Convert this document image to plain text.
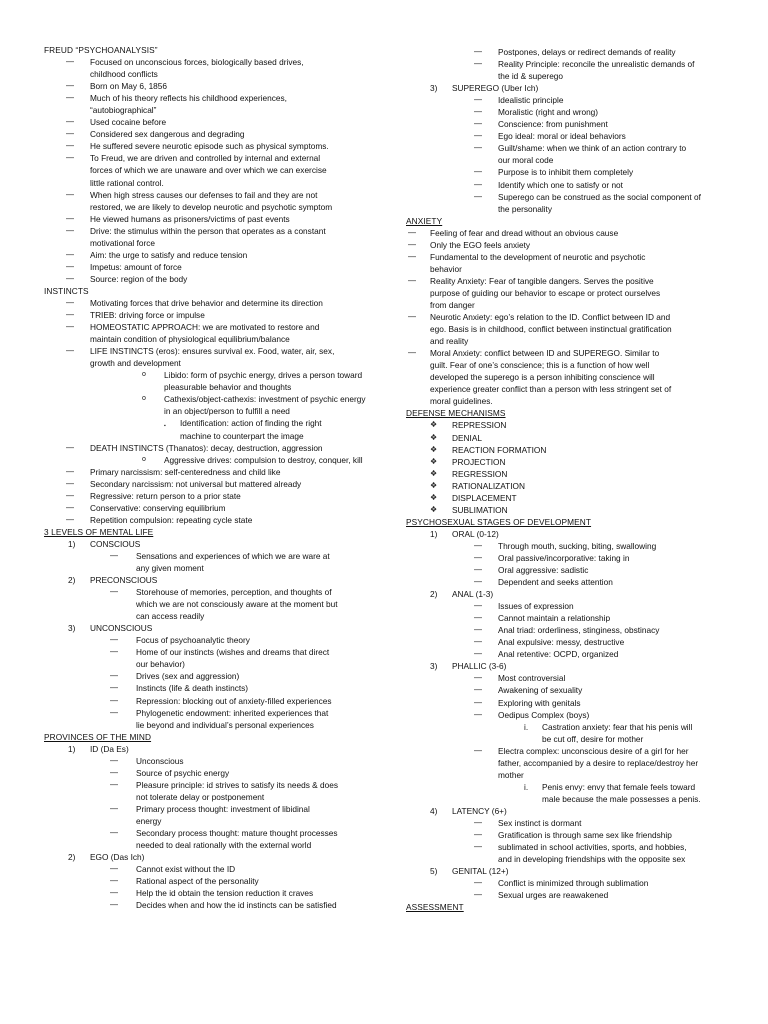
FREUD “PSYCHOANALYSIS”
— Focused on unconscious forces, biologically based drives,
childhood conflicts
— Born on May 6, 1856
— Much of his theory reflects his childhood experiences,
“autobiographical”
— Used cocaine before
— Considered sex dangerous and degrading
— He suffered severe neurotic episode such as physical symptoms.
— To Freud, we are driven and controlled by internal and external
forces of which we are unaware and over which we can exercise
little rational control.
— When high stress causes our defenses to fail and they are not
restored, we are likely to develop neurotic and psychotic symptom
— He viewed humans as prisoners/victims of past events
— Drive: the stimulus within the person that operates as a constant
motivational force
— Aim: the urge to satisfy and reduce tension
— Impetus: amount of force
— Source: region of the body
INSTINCTS
— Motivating forces that drive behavior and determine its direction
— TRIEB: driving force or impulse
— HOMEOSTATIC APPROACH: we are motivated to restore and
maintain condition of physiological equilibrium/balance
— LIFE INSTINCTS (eros): ensures survival ex. Food, water, air, sex,
growth and development
o Libido: form of psychic energy, drives a person toward
pleasurable behavior and thoughts
o Cathexis/object-cathexis: investment of psychic energy
in an object/person to fulfill a need
▪ Identification: action of finding the right
machine to counterpart the image
— DEATH INSTINCTS (Thanatos): decay, destruction, aggression
o Aggressive drives: compulsion to destroy, conquer, kill
— Primary narcissism: self-centeredness and child like
— Secondary narcissism: not universal but mattered already
— Regressive: return person to a prior state
— Conservative: conserving equilibrium
— Repetition compulsion: repeating cycle state
3 LEVELS OF MENTAL LIFE
1) CONSCIOUS
— Sensations and experiences of which we are ware at
any given moment
2) PRECONSCIOUS
— Storehouse of memories, perception, and thoughts of
which we are not consciously aware at the moment but
can access readily
3) UNCONSCIOUS
— Focus of psychoanalytic theory
— Home of our instincts (wishes and dreams that direct
our behavior)
— Drives (sex and aggression)
— Instincts (life & death instincts)
— Repression: blocking out of anxiety-filled experiences
— Phylogenetic endowment: inherited experiences that
lie beyond and individual’s personal experiences
PROVINCES OF THE MIND
1) ID (Da Es)
— Unconscious
— Source of psychic energy
— Pleasure principle: id strives to satisfy its needs & does
not tolerate delay or postponement
— Primary process thought: investment of libidinal
energy
— Secondary process thought: mature thought processes
needed to deal rationally with the external world
2) EGO (Das Ich)
— Cannot exist without the ID
— Rational aspect of the personality
— Help the id obtain the tension reduction it craves
— Decides when and how the id instincts can be satisfied
— Postpones, delays or redirect demands of reality
— Reality Principle: reconcile the unrealistic demands of
the id & superego
3) SUPEREGO (Uber Ich)
— Idealistic principle
— Moralistic (right and wrong)
— Conscience: from punishment
— Ego ideal: moral or ideal behaviors
— Guilt/shame: when we think of an action contrary to
our moral code
— Purpose is to inhibit them completely
— Identify which one to satisfy or not
— Superego can be construed as the social component of
the personality
ANXIETY
— Feeling of fear and dread without an obvious cause
— Only the EGO feels anxiety
— Fundamental to the development of neurotic and psychotic
behavior
— Reality Anxiety: Fear of tangible dangers. Serves the positive
purpose of guiding our behavior to escape or protect ourselves
from danger
— Neurotic Anxiety: ego’s relation to the ID. Conflict between ID and
ego. Basis is in childhood, conflict between instinctual gratification
and reality
— Moral Anxiety: conflict between ID and SUPEREGO. Similar to
guilt. Fear of one’s conscience; this is a function of how well
developed the superego is a person inhibiting conscience will
experience greater conflict than a person with less stringent set of
moral guidelines.
DEFENSE MECHANISMS
❖ REPRESSION
❖ DENIAL
❖ REACTION FORMATION
❖ PROJECTION
❖ REGRESSION
❖ RATIONALIZATION
❖ DISPLACEMENT
❖ SUBLIMATION
PSYCHOSEXUAL STAGES OF DEVELOPMENT
1) ORAL (0-12)
— Through mouth, sucking, biting, swallowing
— Oral passive/incorporative: taking in
— Oral aggressive: sadistic
— Dependent and seeks attention
2) ANAL (1-3)
— Issues of expression
— Cannot maintain a relationship
— Anal triad: orderliness, stinginess, obstinacy
— Anal expulsive: messy, destructive
— Anal retentive: OCPD, organized
3) PHALLIC (3-6)
— Most controversial
— Awakening of sexuality
— Exploring with genitals
— Oedipus Complex (boys)
i. Castration anxiety: fear that his penis will
be cut off, desire for mother
— Electra complex: unconscious desire of a girl for her
father, accompanied by a desire to replace/destroy her
mother
i. Penis envy: envy that female feels toward
male because the male possesses a penis.
4) LATENCY (6+)
— Sex instinct is dormant
— Gratification is through same sex like friendship
— sublimated in school activities, sports, and hobbies,
and in developing friendships with the opposite sex
5) GENITAL (12+)
— Conflict is minimized through sublimation
— Sexual urges are reawakened
ASSESSMENT
